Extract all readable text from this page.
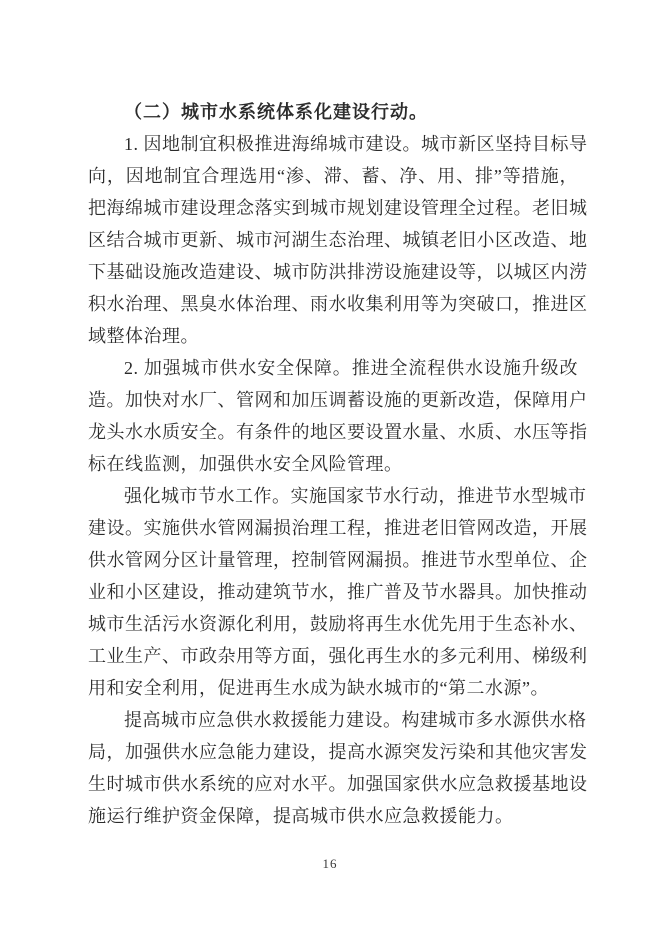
（二）城市水系统体系化建设行动。
1. 因地制宜积极推进海绵城市建设。城市新区坚持目标导
向，因地制宜合理选用“渗、滞、蓄、净、用、排”等措施，
把海绵城市建设理念落实到城市规划建设管理全过程。老旧城
区结合城市更新、城市河湖生态治理、城镇老旧小区改造、地
下基础设施改造建设、城市防洪排涝设施建设等，以城区内涝
积水治理、黑臭水体治理、雨水收集利用等为突破口，推进区
域整体治理。
2. 加强城市供水安全保障。推进全流程供水设施升级改
造。加快对水厂、管网和加压调蓄设施的更新改造，保障用户
龙头水水质安全。有条件的地区要设置水量、水质、水压等指
标在线监测，加强供水安全风险管理。
强化城市节水工作。实施国家节水行动，推进节水型城市
建设。实施供水管网漏损治理工程，推进老旧管网改造，开展
供水管网分区计量管理，控制管网漏损。推进节水型单位、企
业和小区建设，推动建筑节水，推广普及节水器具。加快推动
城市生活污水资源化利用，鼓励将再生水优先用于生态补水、
工业生产、市政杂用等方面，强化再生水的多元利用、梯级利
用和安全利用，促进再生水成为缺水城市的“第二水源”。
提高城市应急供水救援能力建设。构建城市多水源供水格
局，加强供水应急能力建设，提高水源突发污染和其他灾害发
生时城市供水系统的应对水平。加强国家供水应急救援基地设
施运行维护资金保障，提高城市供水应急救援能力。
16
